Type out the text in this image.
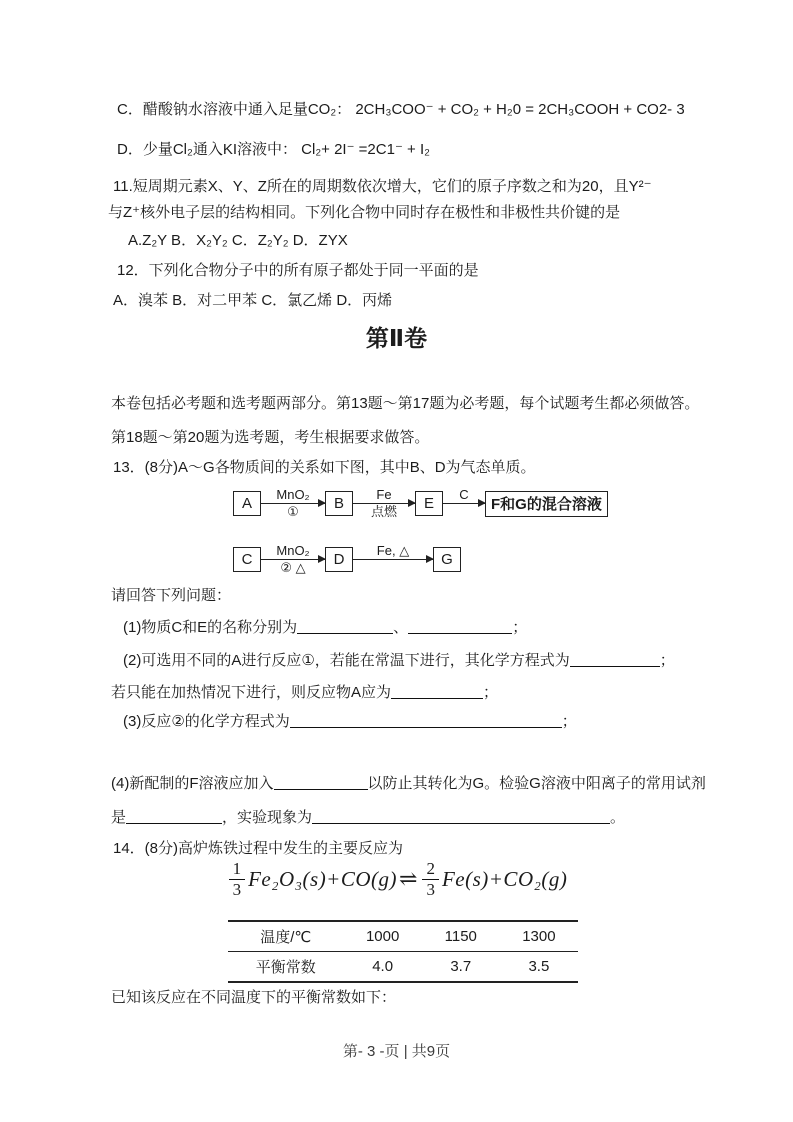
C．醋酸钠水溶液中通入足量CO₂： 2CH₃COO⁻ + CO₂ + H₂0 = 2CH₃COOH + CO2- 3
D．少量Cl₂通入KI溶液中： Cl₂+ 2I⁻ =2C1⁻ + I₂
11.短周期元素X、Y、Z所在的周期数依次增大，它们的原子序数之和为20，且Y²⁻
与Z⁺核外电子层的结构相同。下列化合物中同时存在极性和非极性共价键的是
A.Z₂Y B．X₂Y₂ C．Z₂Y₂ D．ZYX
12．下列化合物分子中的所有原子都处于同一平面的是
A．溴苯 B．对二甲苯 C．氯乙烯 D．丙烯
第Ⅱ卷
本卷包括必考题和选考题两部分。第13题～第17题为必考题，每个试题考生都必须做答。
第18题～第20题为选考题，考生根据要求做答。
13．(8分)A～G各物质间的关系如下图，其中B、D为气态单质。
A
MnO₂
①	B
Fe
点燃	E
C
F和G的混合溶液
C
MnO₂
② △	D
Fe, △
G
请回答下列问题：
(1)物质C和E的名称分别为	、	；
(2)可选用不同的A进行反应①，若能在常温下进行，其化学方程式为	；
若只能在加热情况下进行，则反应物A应为	；
(3)反应②的化学方程式为	；
(4)新配制的F溶液应加入	以防止其转化为G。检验G溶液中阳离子的常用试剂
是	，实验现象为	。
14．(8分)高炉炼铁过程中发生的主要反应为
$\frac{1}{3} Fe_2O_3(s)+CO(g)$ ⇌ $\frac{2}{3} Fe(s)+CO_2(g)$
温度/℃	1000	1150	1300
平衡常数	4.0	3.7	3.5
已知该反应在不同温度下的平衡常数如下：
第- 3 -页 | 共9页
